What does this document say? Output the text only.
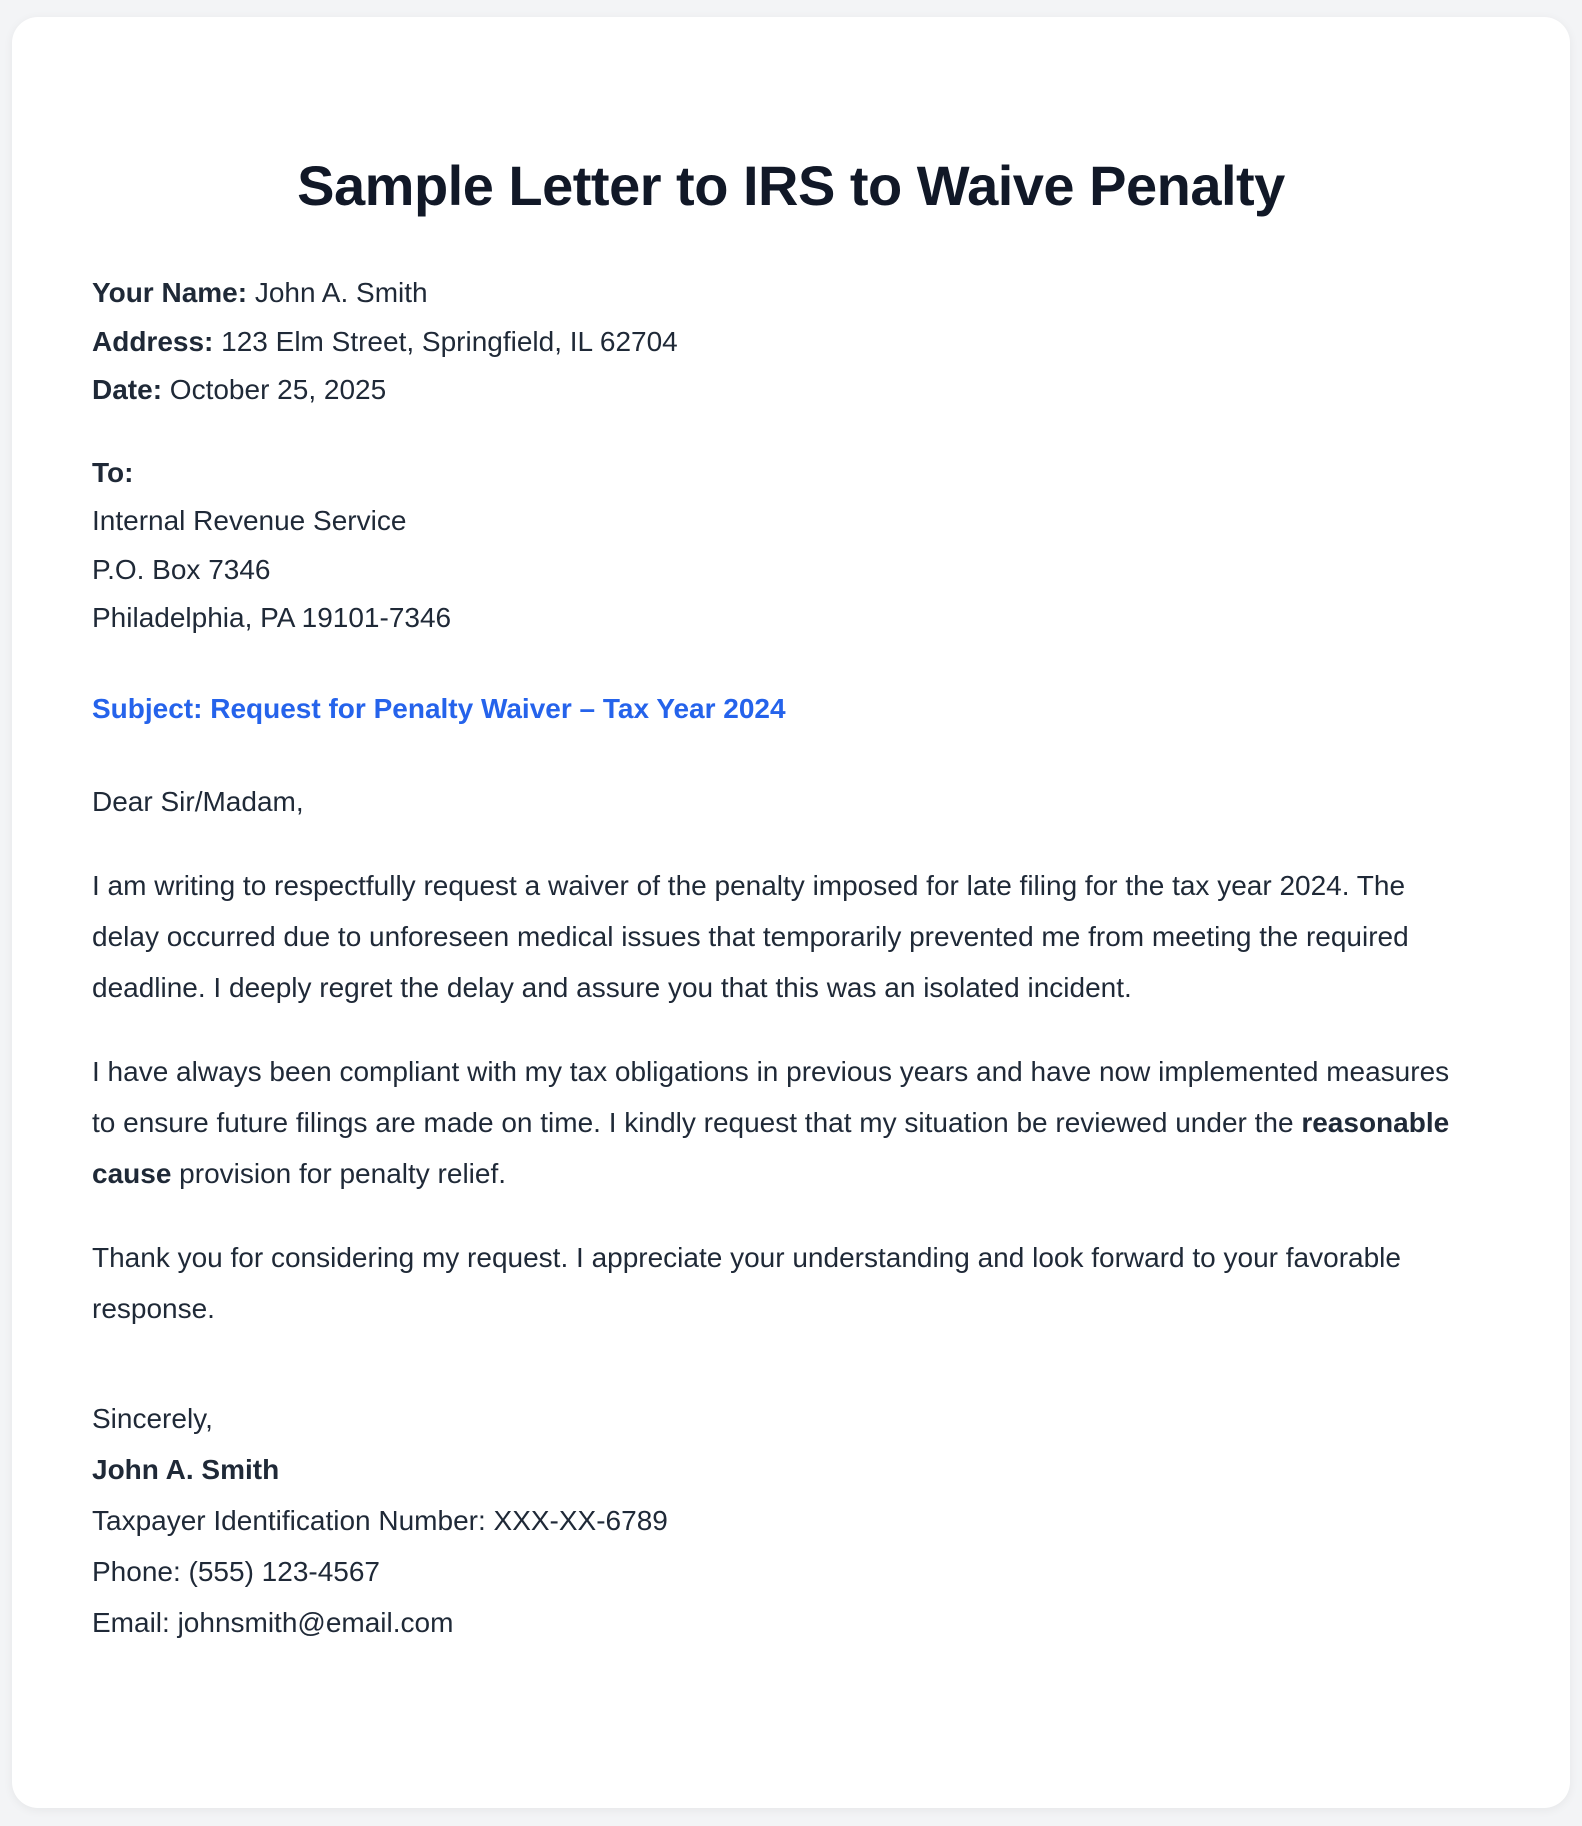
Sample Letter to IRS to Waive Penalty
Your Name: John A. Smith
Address: 123 Elm Street, Springfield, IL 62704
Date: October 25, 2025
To:
Internal Revenue Service
P.O. Box 7346
Philadelphia, PA 19101-7346
Subject: Request for Penalty Waiver – Tax Year 2024
Dear Sir/Madam,

I am writing to respectfully request a waiver of the penalty imposed for late filing for the tax year 2024. The delay occurred due to unforeseen medical issues that temporarily prevented me from meeting the required deadline. I deeply regret the delay and assure you that this was an isolated incident.

I have always been compliant with my tax obligations in previous years and have now implemented measures to ensure future filings are made on time. I kindly request that my situation be reviewed under the reasonable cause provision for penalty relief.

Thank you for considering my request. I appreciate your understanding and look forward to your favorable response.

Sincerely,
John A. Smith
Taxpayer Identification Number: XXX-XX-6789
Phone: (555) 123-4567
Email: johnsmith@email.com
